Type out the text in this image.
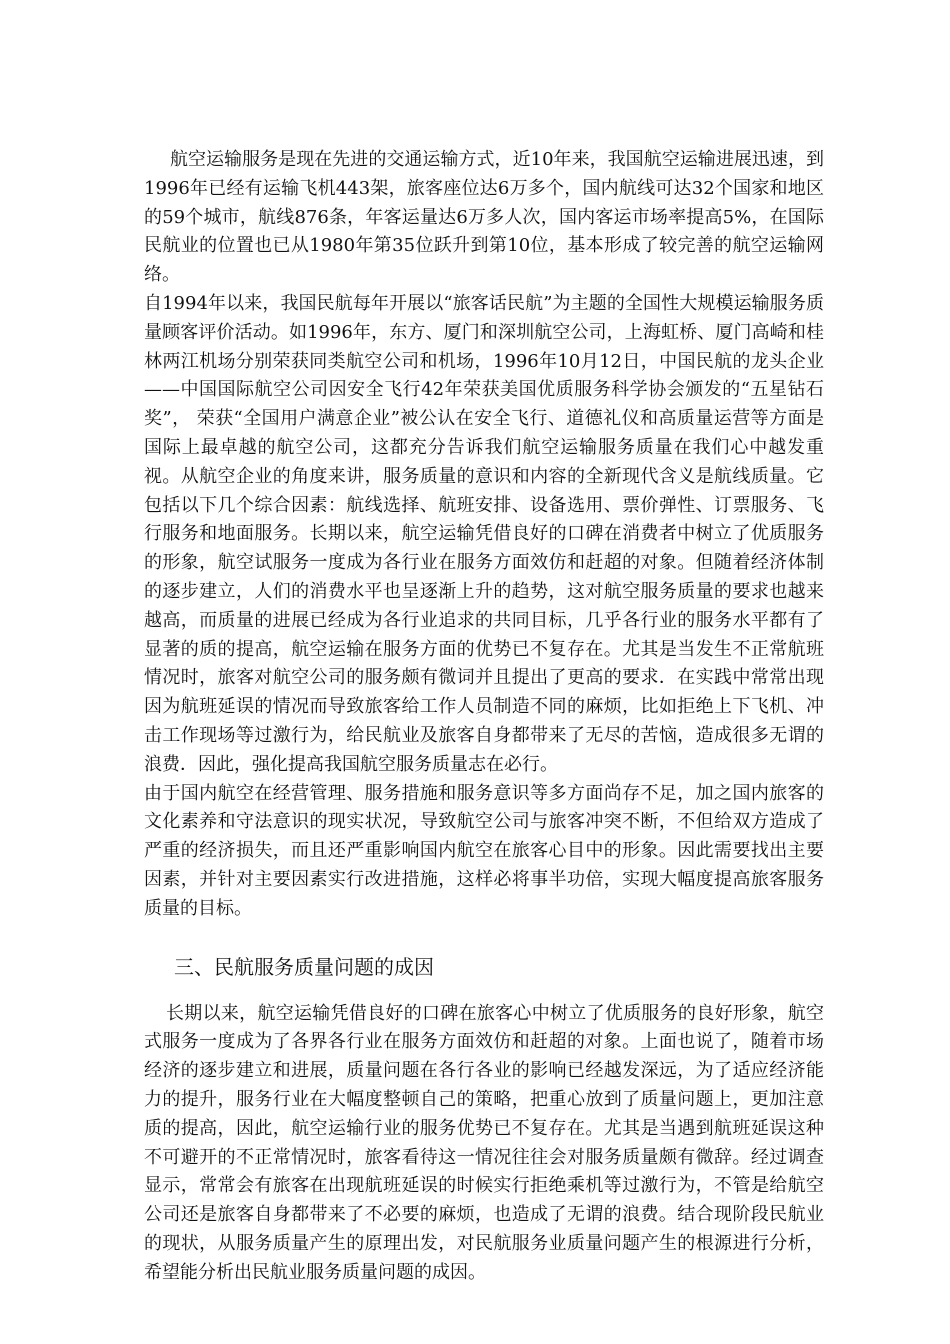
航空运输服务是现在先进的交通运输方式，近10年来，我国航空运输进展迅速，到1996年已经有运输飞机443架，旅客座位达6万多个，国内航线可达32个国家和地区的59个城市，航线876条，年客运量达6万多人次，国内客运市场率提高5%，在国际民航业的位置也已从1980年第35位跃升到第10位，基本形成了较完善的航空运输网络。

自1994年以来，我国民航每年开展以“旅客话民航”为主题的全国性大规模运输服务质量顾客评价活动。如1996年，东方、厦门和深圳航空公司，上海虹桥、厦门高崎和桂林两江机场分别荣获同类航空公司和机场，1996年10月12日，中国民航的龙头企业——中国国际航空公司因安全飞行42年荣获美国优质服务科学协会颁发的“五星钻石奖”， 荣获“全国用户满意企业”被公认在安全飞行、道德礼仪和高质量运营等方面是国际上最卓越的航空公司，这都充分告诉我们航空运输服务质量在我们心中越发重视。从航空企业的角度来讲，服务质量的意识和内容的全新现代含义是航线质量。它包括以下几个综合因素：航线选择、航班安排、设备选用、票价弹性、订票服务、飞行服务和地面服务。长期以来，航空运输凭借良好的口碑在消费者中树立了优质服务的形象，航空试服务一度成为各行业在服务方面效仿和赶超的对象。但随着经济体制的逐步建立，人们的消费水平也呈逐渐上升的趋势，这对航空服务质量的要求也越来越高，而质量的进展已经成为各行业追求的共同目标，几乎各行业的服务水平都有了显著的质的提高，航空运输在服务方面的优势已不复存在。尤其是当发生不正常航班情况时，旅客对航空公司的服务颇有微词并且提出了更高的要求．在实践中常常出现因为航班延误的情况而导致旅客给工作人员制造不同的麻烦，比如拒绝上下飞机、冲击工作现场等过激行为，给民航业及旅客自身都带来了无尽的苦恼，造成很多无谓的浪费．因此，强化提高我国航空服务质量志在必行。

由于国内航空在经营管理、服务措施和服务意识等多方面尚存不足，加之国内旅客的文化素养和守法意识的现实状况，导致航空公司与旅客冲突不断，不但给双方造成了严重的经济损失，而且还严重影响国内航空在旅客心目中的形象。因此需要找出主要因素，并针对主要因素实行改进措施，这样必将事半功倍，实现大幅度提高旅客服务质量的目标。

三、民航服务质量问题的成因

长期以来，航空运输凭借良好的口碑在旅客心中树立了优质服务的良好形象，航空式服务一度成为了各界各行业在服务方面效仿和赶超的对象。上面也说了，随着市场经济的逐步建立和进展，质量问题在各行各业的影响已经越发深远，为了适应经济能力的提升，服务行业在大幅度整顿自己的策略，把重心放到了质量问题上，更加注意质的提高，因此，航空运输行业的服务优势已不复存在。尤其是当遇到航班延误这种不可避开的不正常情况时，旅客看待这一情况往往会对服务质量颇有微辞。经过调查显示，常常会有旅客在出现航班延误的时候实行拒绝乘机等过激行为，不管是给航空公司还是旅客自身都带来了不必要的麻烦，也造成了无谓的浪费。结合现阶段民航业的现状，从服务质量产生的原理出发，对民航服务业质量问题产生的根源进行分析，希望能分析出民航业服务质量问题的成因。
